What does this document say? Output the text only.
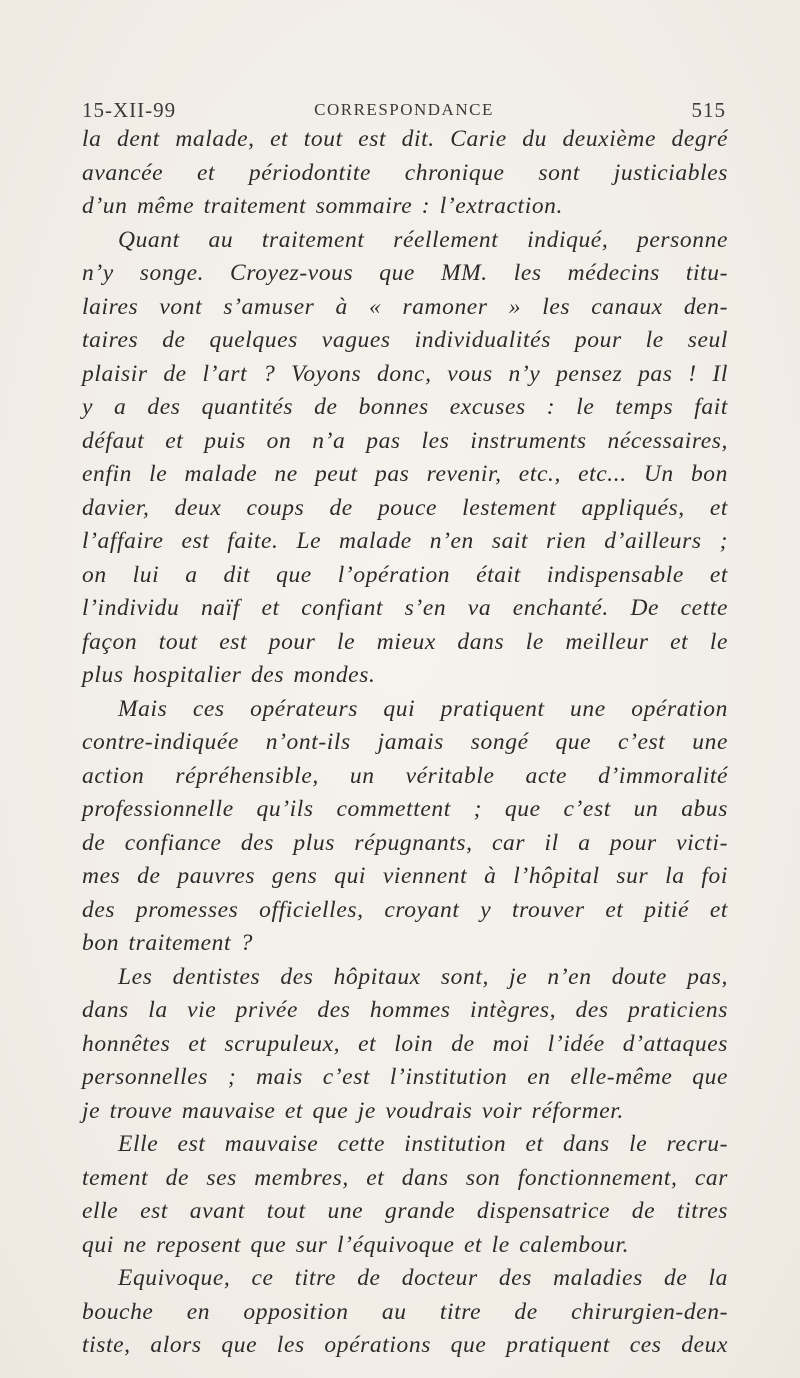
15-XII-99	CORRESPONDANCE	515
la dent malade, et tout est dit. Carie du deuxième degré
avancée et périodontite chronique sont justiciables
d’un même traitement sommaire : l’extraction.
Quant au traitement réellement indiqué, personne
n’y songe. Croyez-vous que MM. les médecins titu-
laires vont s’amuser à « ramoner » les canaux den-
taires de quelques vagues individualités pour le seul
plaisir de l’art ? Voyons donc, vous n’y pensez pas ! Il
y a des quantités de bonnes excuses : le temps fait
défaut et puis on n’a pas les instruments nécessaires,
enfin le malade ne peut pas revenir, etc., etc... Un bon
davier, deux coups de pouce lestement appliqués, et
l’affaire est faite. Le malade n’en sait rien d’ailleurs ;
on lui a dit que l’opération était indispensable et
l’individu naïf et confiant s’en va enchanté. De cette
façon tout est pour le mieux dans le meilleur et le
plus hospitalier des mondes.
Mais ces opérateurs qui pratiquent une opération
contre-indiquée n’ont-ils jamais songé que c’est une
action répréhensible, un véritable acte d’immoralité
professionnelle qu’ils commettent ; que c’est un abus
de confiance des plus répugnants, car il a pour victi-
mes de pauvres gens qui viennent à l’hôpital sur la foi
des promesses officielles, croyant y trouver et pitié et
bon traitement ?
Les dentistes des hôpitaux sont, je n’en doute pas,
dans la vie privée des hommes intègres, des praticiens
honnêtes et scrupuleux, et loin de moi l’idée d’attaques
personnelles ; mais c’est l’institution en elle-même que
je trouve mauvaise et que je voudrais voir réformer.
Elle est mauvaise cette institution et dans le recru-
tement de ses membres, et dans son fonctionnement, car
elle est avant tout une grande dispensatrice de titres
qui ne reposent que sur l’équivoque et le calembour.
Equivoque, ce titre de docteur des maladies de la
bouche en opposition au titre de chirurgien-den-
tiste, alors que les opérations que pratiquent ces deux
